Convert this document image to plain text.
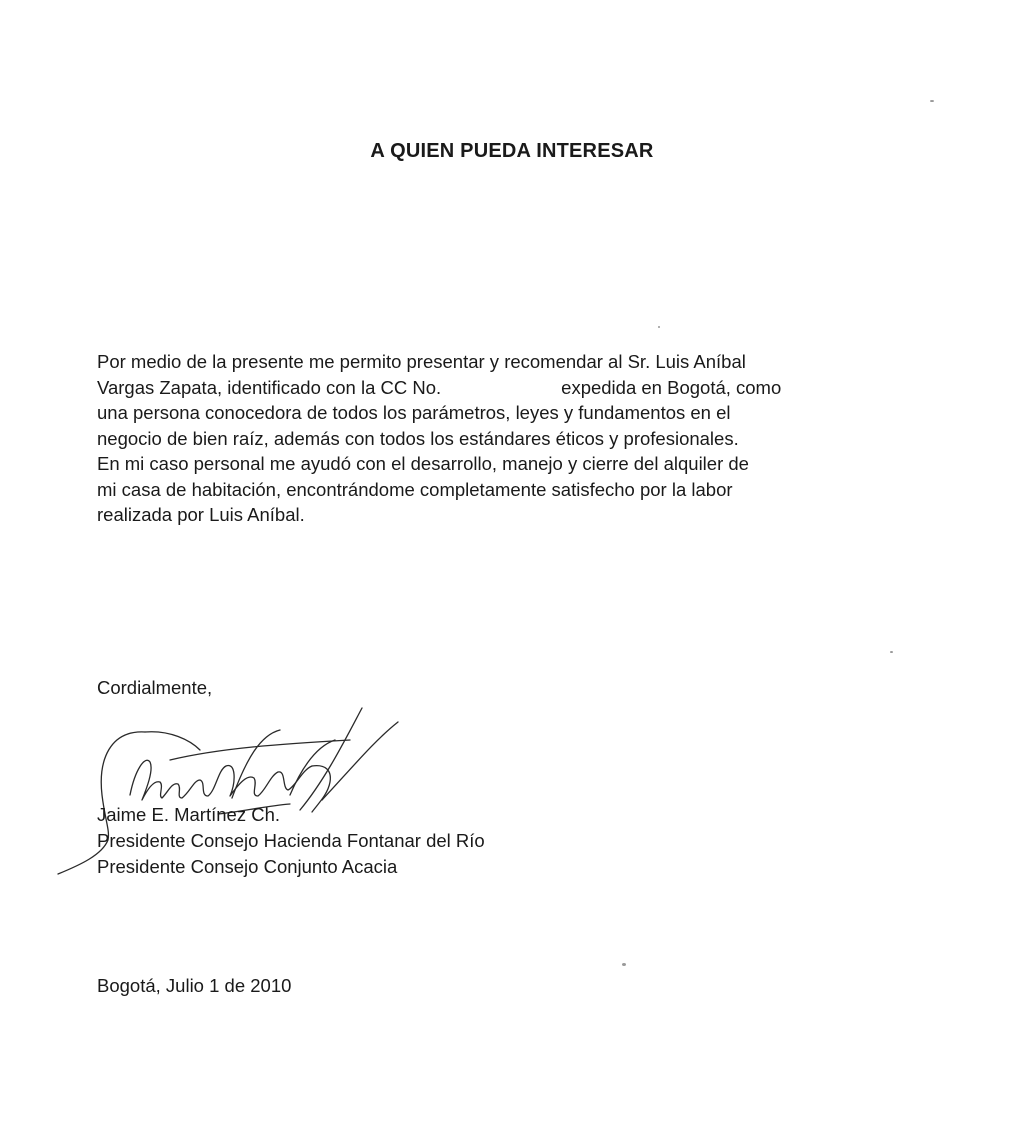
A QUIEN PUEDA INTERESAR
Por medio de la presente me permito presentar y recomendar al Sr. Luis Aníbal
Vargas Zapata, identificado con la CC No.	expedida en Bogotá, como
una persona conocedora de todos los parámetros, leyes y fundamentos en el
negocio de bien raíz, además con todos los estándares éticos y profesionales.
En mi caso personal me ayudó con el desarrollo, manejo y cierre del alquiler de
mi casa de habitación, encontrándome completamente satisfecho por la labor
realizada por Luis Aníbal.
Cordialmente,
Jaime E. Martínez Ch.
Presidente Consejo Hacienda Fontanar del Río
Presidente Consejo Conjunto Acacia
Bogotá, Julio 1 de 2010
